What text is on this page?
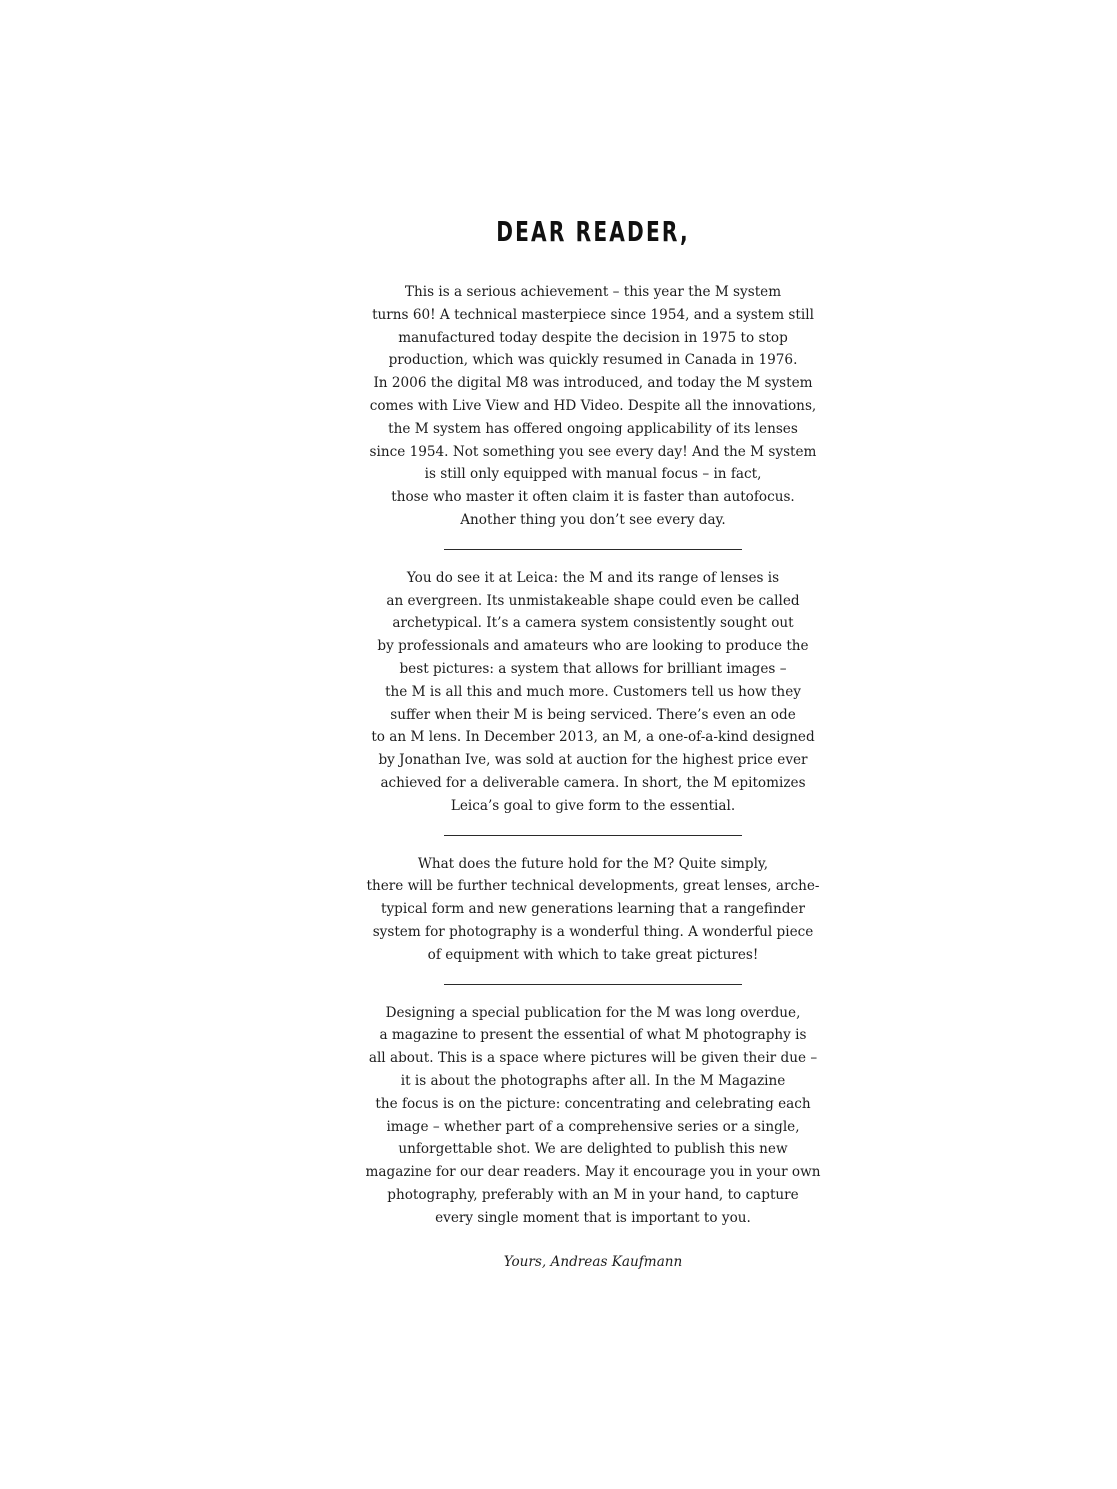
DEAR READER,

This is a serious achievement – this year the M system
turns 60! A technical masterpiece since 1954, and a system still
manufactured today despite the decision in 1975 to stop
production, which was quickly resumed in Canada in 1976.
In 2006 the digital M8 was introduced, and today the M system
comes with Live View and HD Video. Despite all the innovations,
the M system has offered ongoing applicability of its lenses
since 1954. Not something you see every day! And the M system
is still only equipped with manual focus – in fact,
those who master it often claim it is faster than autofocus.
Another thing you don’t see every day.

You do see it at Leica: the M and its range of lenses is
an evergreen. Its unmistakeable shape could even be called
archetypical. It’s a camera system consistently sought out
by professionals and amateurs who are looking to produce the
best pictures: a system that allows for brilliant images –
the M is all this and much more. Customers tell us how they
suffer when their M is being serviced. There’s even an ode
to an M lens. In December 2013, an M, a one-of-a-kind designed
by Jonathan Ive, was sold at auction for the highest price ever
achieved for a deliverable camera. In short, the M epitomizes
Leica’s goal to give form to the essential.

What does the future hold for the M? Quite simply,
there will be further technical developments, great lenses, arche-
typical form and new generations learning that a rangefinder
system for photography is a wonderful thing. A wonderful piece
of equipment with which to take great pictures!

Designing a special publication for the M was long overdue,
a magazine to present the essential of what M photography is
all about. This is a space where pictures will be given their due –
it is about the photographs after all. In the M Magazine
the focus is on the picture: concentrating and celebrating each
image – whether part of a comprehensive series or a single,
unforgettable shot. We are delighted to publish this new
magazine for our dear readers. May it encourage you in your own
photography, preferably with an M in your hand, to capture
every single moment that is important to you.

Yours, Andreas Kaufmann
